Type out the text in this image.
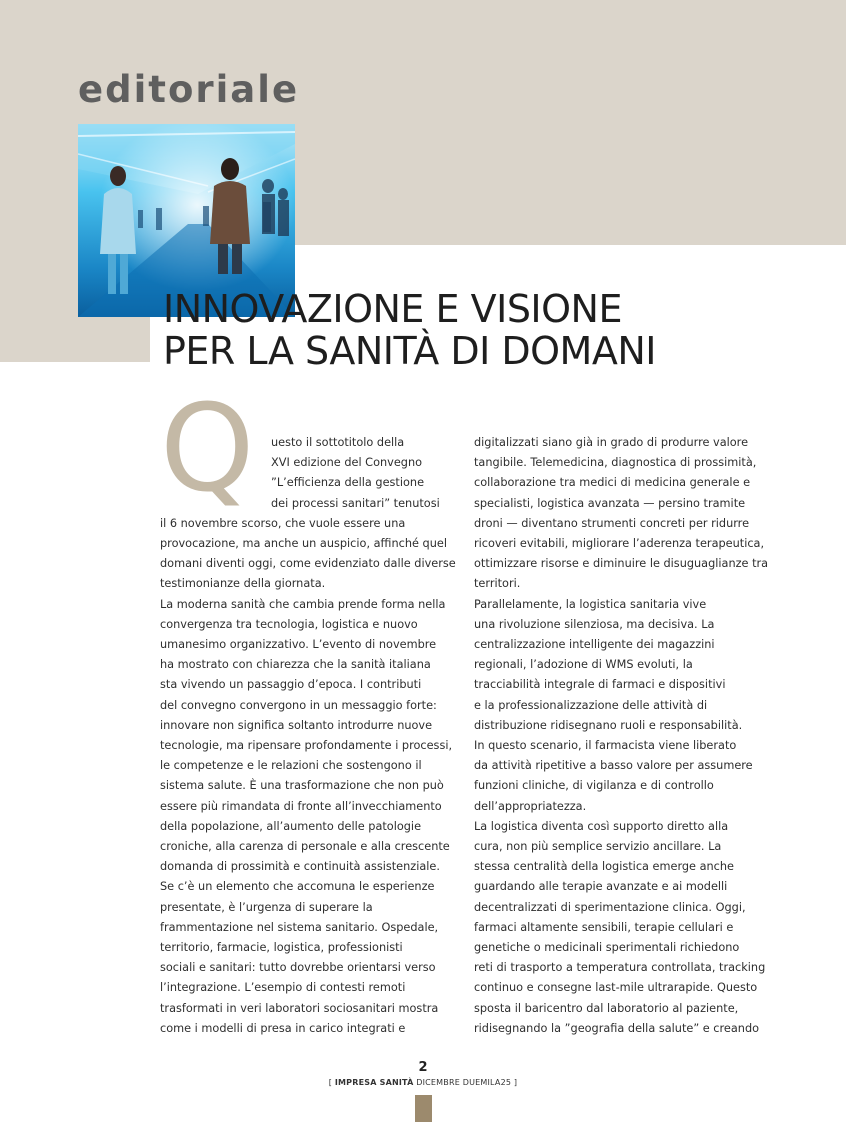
editoriale
INNOVAZIONE E VISIONE
PER LA SANITÀ DI DOMANI
Q	uesto il sottotitolo della
XVI edizione del Convegno
”L’efficienza della gestione
dei processi sanitari” tenutosi
il 6 novembre scorso, che vuole essere una
provocazione, ma anche un auspicio, affinché quel
domani diventi oggi, come evidenziato dalle diverse
testimonianze della giornata.
La moderna sanità che cambia prende forma nella
convergenza tra tecnologia, logistica e nuovo
umanesimo organizzativo. L’evento di novembre
ha mostrato con chiarezza che la sanità italiana
sta vivendo un passaggio d’epoca. I contributi
del convegno convergono in un messaggio forte:
innovare non significa soltanto introdurre nuove
tecnologie, ma ripensare profondamente i processi,
le competenze e le relazioni che sostengono il
sistema salute. È una trasformazione che non può
essere più rimandata di fronte all’invecchiamento
della popolazione, all’aumento delle patologie
croniche, alla carenza di personale e alla crescente
domanda di prossimità e continuità assistenziale.
Se c’è un elemento che accomuna le esperienze
presentate, è l’urgenza di superare la
frammentazione nel sistema sanitario. Ospedale,
territorio, farmacie, logistica, professionisti
sociali e sanitari: tutto dovrebbe orientarsi verso
l’integrazione. L’esempio di contesti remoti
trasformati in veri laboratori sociosanitari mostra
come i modelli di presa in carico integrati e
digitalizzati siano già in grado di produrre valore
tangibile. Telemedicina, diagnostica di prossimità,
collaborazione tra medici di medicina generale e
specialisti, logistica avanzata — persino tramite
droni — diventano strumenti concreti per ridurre
ricoveri evitabili, migliorare l’aderenza terapeutica,
ottimizzare risorse e diminuire le disuguaglianze tra
territori.
Parallelamente, la logistica sanitaria vive
una rivoluzione silenziosa, ma decisiva. La
centralizzazione intelligente dei magazzini
regionali, l’adozione di WMS evoluti, la
tracciabilità integrale di farmaci e dispositivi
e la professionalizzazione delle attività di
distribuzione ridisegnano ruoli e responsabilità.
In questo scenario, il farmacista viene liberato
da attività ripetitive a basso valore per assumere
funzioni cliniche, di vigilanza e di controllo
dell’appropriatezza.
La logistica diventa così supporto diretto alla
cura, non più semplice servizio ancillare. La
stessa centralità della logistica emerge anche
guardando alle terapie avanzate e ai modelli
decentralizzati di sperimentazione clinica. Oggi,
farmaci altamente sensibili, terapie cellulari e
genetiche o medicinali sperimentali richiedono
reti di trasporto a temperatura controllata, tracking
continuo e consegne last-mile ultrarapide. Questo
sposta il baricentro dal laboratorio al paziente,
ridisegnando la ”geografia della salute” e creando
2
[ IMPRESA SANITÀ DICEMBRE DUEMILA25 ]
